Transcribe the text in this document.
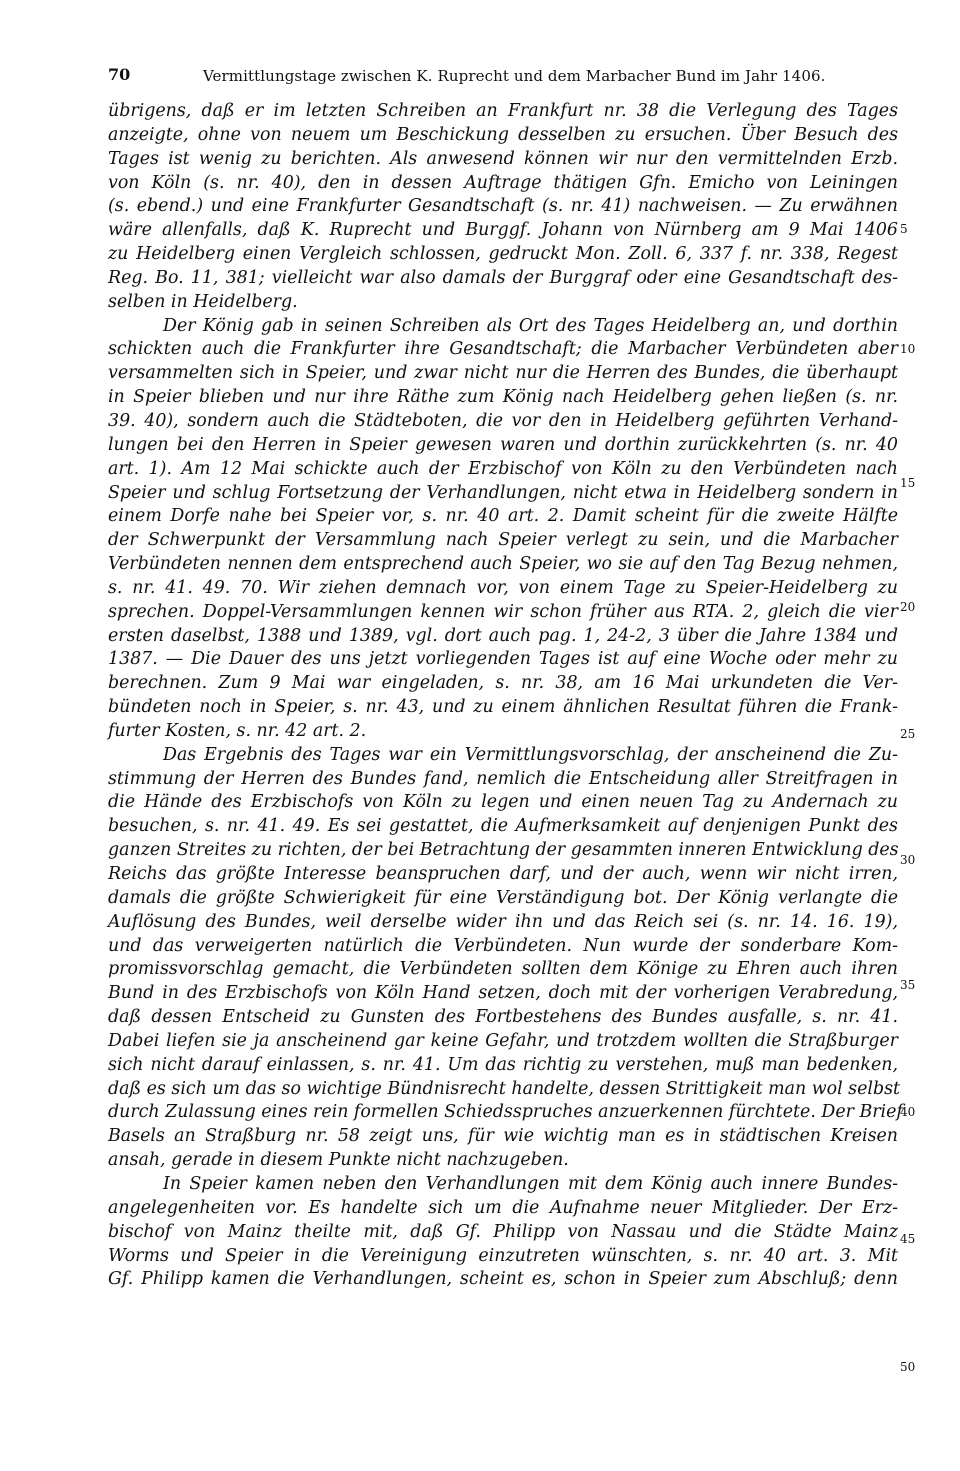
70	Vermittlungstage zwischen K. Ruprecht und dem Marbacher Bund im Jahr 1406.
übrigens, daß er im letzten Schreiben an Frankfurt nr. 38 die Verlegung des Tages
anzeigte, ohne von neuem um Beschickung desselben zu ersuchen. Über Besuch des
Tages ist wenig zu berichten. Als anwesend können wir nur den vermittelnden Erzb.
von Köln (s. nr. 40), den in dessen Auftrage thätigen Gfn. Emicho von Leiningen
(s. ebend.) und eine Frankfurter Gesandtschaft (s. nr. 41) nachweisen. — Zu erwähnen
wäre allenfalls, daß K. Ruprecht und Burggf. Johann von Nürnberg am 9 Mai 1406
zu Heidelberg einen Vergleich schlossen, gedruckt Mon. Zoll. 6, 337 f. nr. 338, Regest
Reg. Bo. 11, 381; vielleicht war also damals der Burggraf oder eine Gesandtschaft des-
selben in Heidelberg.
Der König gab in seinen Schreiben als Ort des Tages Heidelberg an, und dorthin
schickten auch die Frankfurter ihre Gesandtschaft; die Marbacher Verbündeten aber
versammelten sich in Speier, und zwar nicht nur die Herren des Bundes, die überhaupt
in Speier blieben und nur ihre Räthe zum König nach Heidelberg gehen ließen (s. nr.
39. 40), sondern auch die Städteboten, die vor den in Heidelberg geführten Verhand-
lungen bei den Herren in Speier gewesen waren und dorthin zurückkehrten (s. nr. 40
art. 1). Am 12 Mai schickte auch der Erzbischof von Köln zu den Verbündeten nach
Speier und schlug Fortsetzung der Verhandlungen, nicht etwa in Heidelberg sondern in
einem Dorfe nahe bei Speier vor, s. nr. 40 art. 2. Damit scheint für die zweite Hälfte
der Schwerpunkt der Versammlung nach Speier verlegt zu sein, und die Marbacher
Verbündeten nennen dem entsprechend auch Speier, wo sie auf den Tag Bezug nehmen,
s. nr. 41. 49. 70. Wir ziehen demnach vor, von einem Tage zu Speier-Heidelberg zu
sprechen. Doppel-Versammlungen kennen wir schon früher aus RTA. 2, gleich die vier
ersten daselbst, 1388 und 1389, vgl. dort auch pag. 1, 24-2, 3 über die Jahre 1384 und
1387. — Die Dauer des uns jetzt vorliegenden Tages ist auf eine Woche oder mehr zu
berechnen. Zum 9 Mai war eingeladen, s. nr. 38, am 16 Mai urkundeten die Ver-
bündeten noch in Speier, s. nr. 43, und zu einem ähnlichen Resultat führen die Frank-
furter Kosten, s. nr. 42 art. 2.
Das Ergebnis des Tages war ein Vermittlungsvorschlag, der anscheinend die Zu-
stimmung der Herren des Bundes fand, nemlich die Entscheidung aller Streitfragen in
die Hände des Erzbischofs von Köln zu legen und einen neuen Tag zu Andernach zu
besuchen, s. nr. 41. 49. Es sei gestattet, die Aufmerksamkeit auf denjenigen Punkt des
ganzen Streites zu richten, der bei Betrachtung der gesammten inneren Entwicklung des
Reichs das größte Interesse beanspruchen darf, und der auch, wenn wir nicht irren,
damals die größte Schwierigkeit für eine Verständigung bot. Der König verlangte die
Auflösung des Bundes, weil derselbe wider ihn und das Reich sei (s. nr. 14. 16. 19),
und das verweigerten natürlich die Verbündeten. Nun wurde der sonderbare Kom-
promissvorschlag gemacht, die Verbündeten sollten dem Könige zu Ehren auch ihren
Bund in des Erzbischofs von Köln Hand setzen, doch mit der vorherigen Verabredung,
daß dessen Entscheid zu Gunsten des Fortbestehens des Bundes ausfalle, s. nr. 41.
Dabei liefen sie ja anscheinend gar keine Gefahr, und trotzdem wollten die Straßburger
sich nicht darauf einlassen, s. nr. 41. Um das richtig zu verstehen, muß man bedenken,
daß es sich um das so wichtige Bündnisrecht handelte, dessen Strittigkeit man wol selbst
durch Zulassung eines rein formellen Schiedsspruches anzuerkennen fürchtete. Der Brief
Basels an Straßburg nr. 58 zeigt uns, für wie wichtig man es in städtischen Kreisen
ansah, gerade in diesem Punkte nicht nachzugeben.
In Speier kamen neben den Verhandlungen mit dem König auch innere Bundes-
angelegenheiten vor. Es handelte sich um die Aufnahme neuer Mitglieder. Der Erz-
bischof von Mainz theilte mit, daß Gf. Philipp von Nassau und die Städte Mainz
Worms und Speier in die Vereinigung einzutreten wünschten, s. nr. 40 art. 3. Mit
Gf. Philipp kamen die Verhandlungen, scheint es, schon in Speier zum Abschluß; denn
5
10
15
20
25
30
35
40
45
50
